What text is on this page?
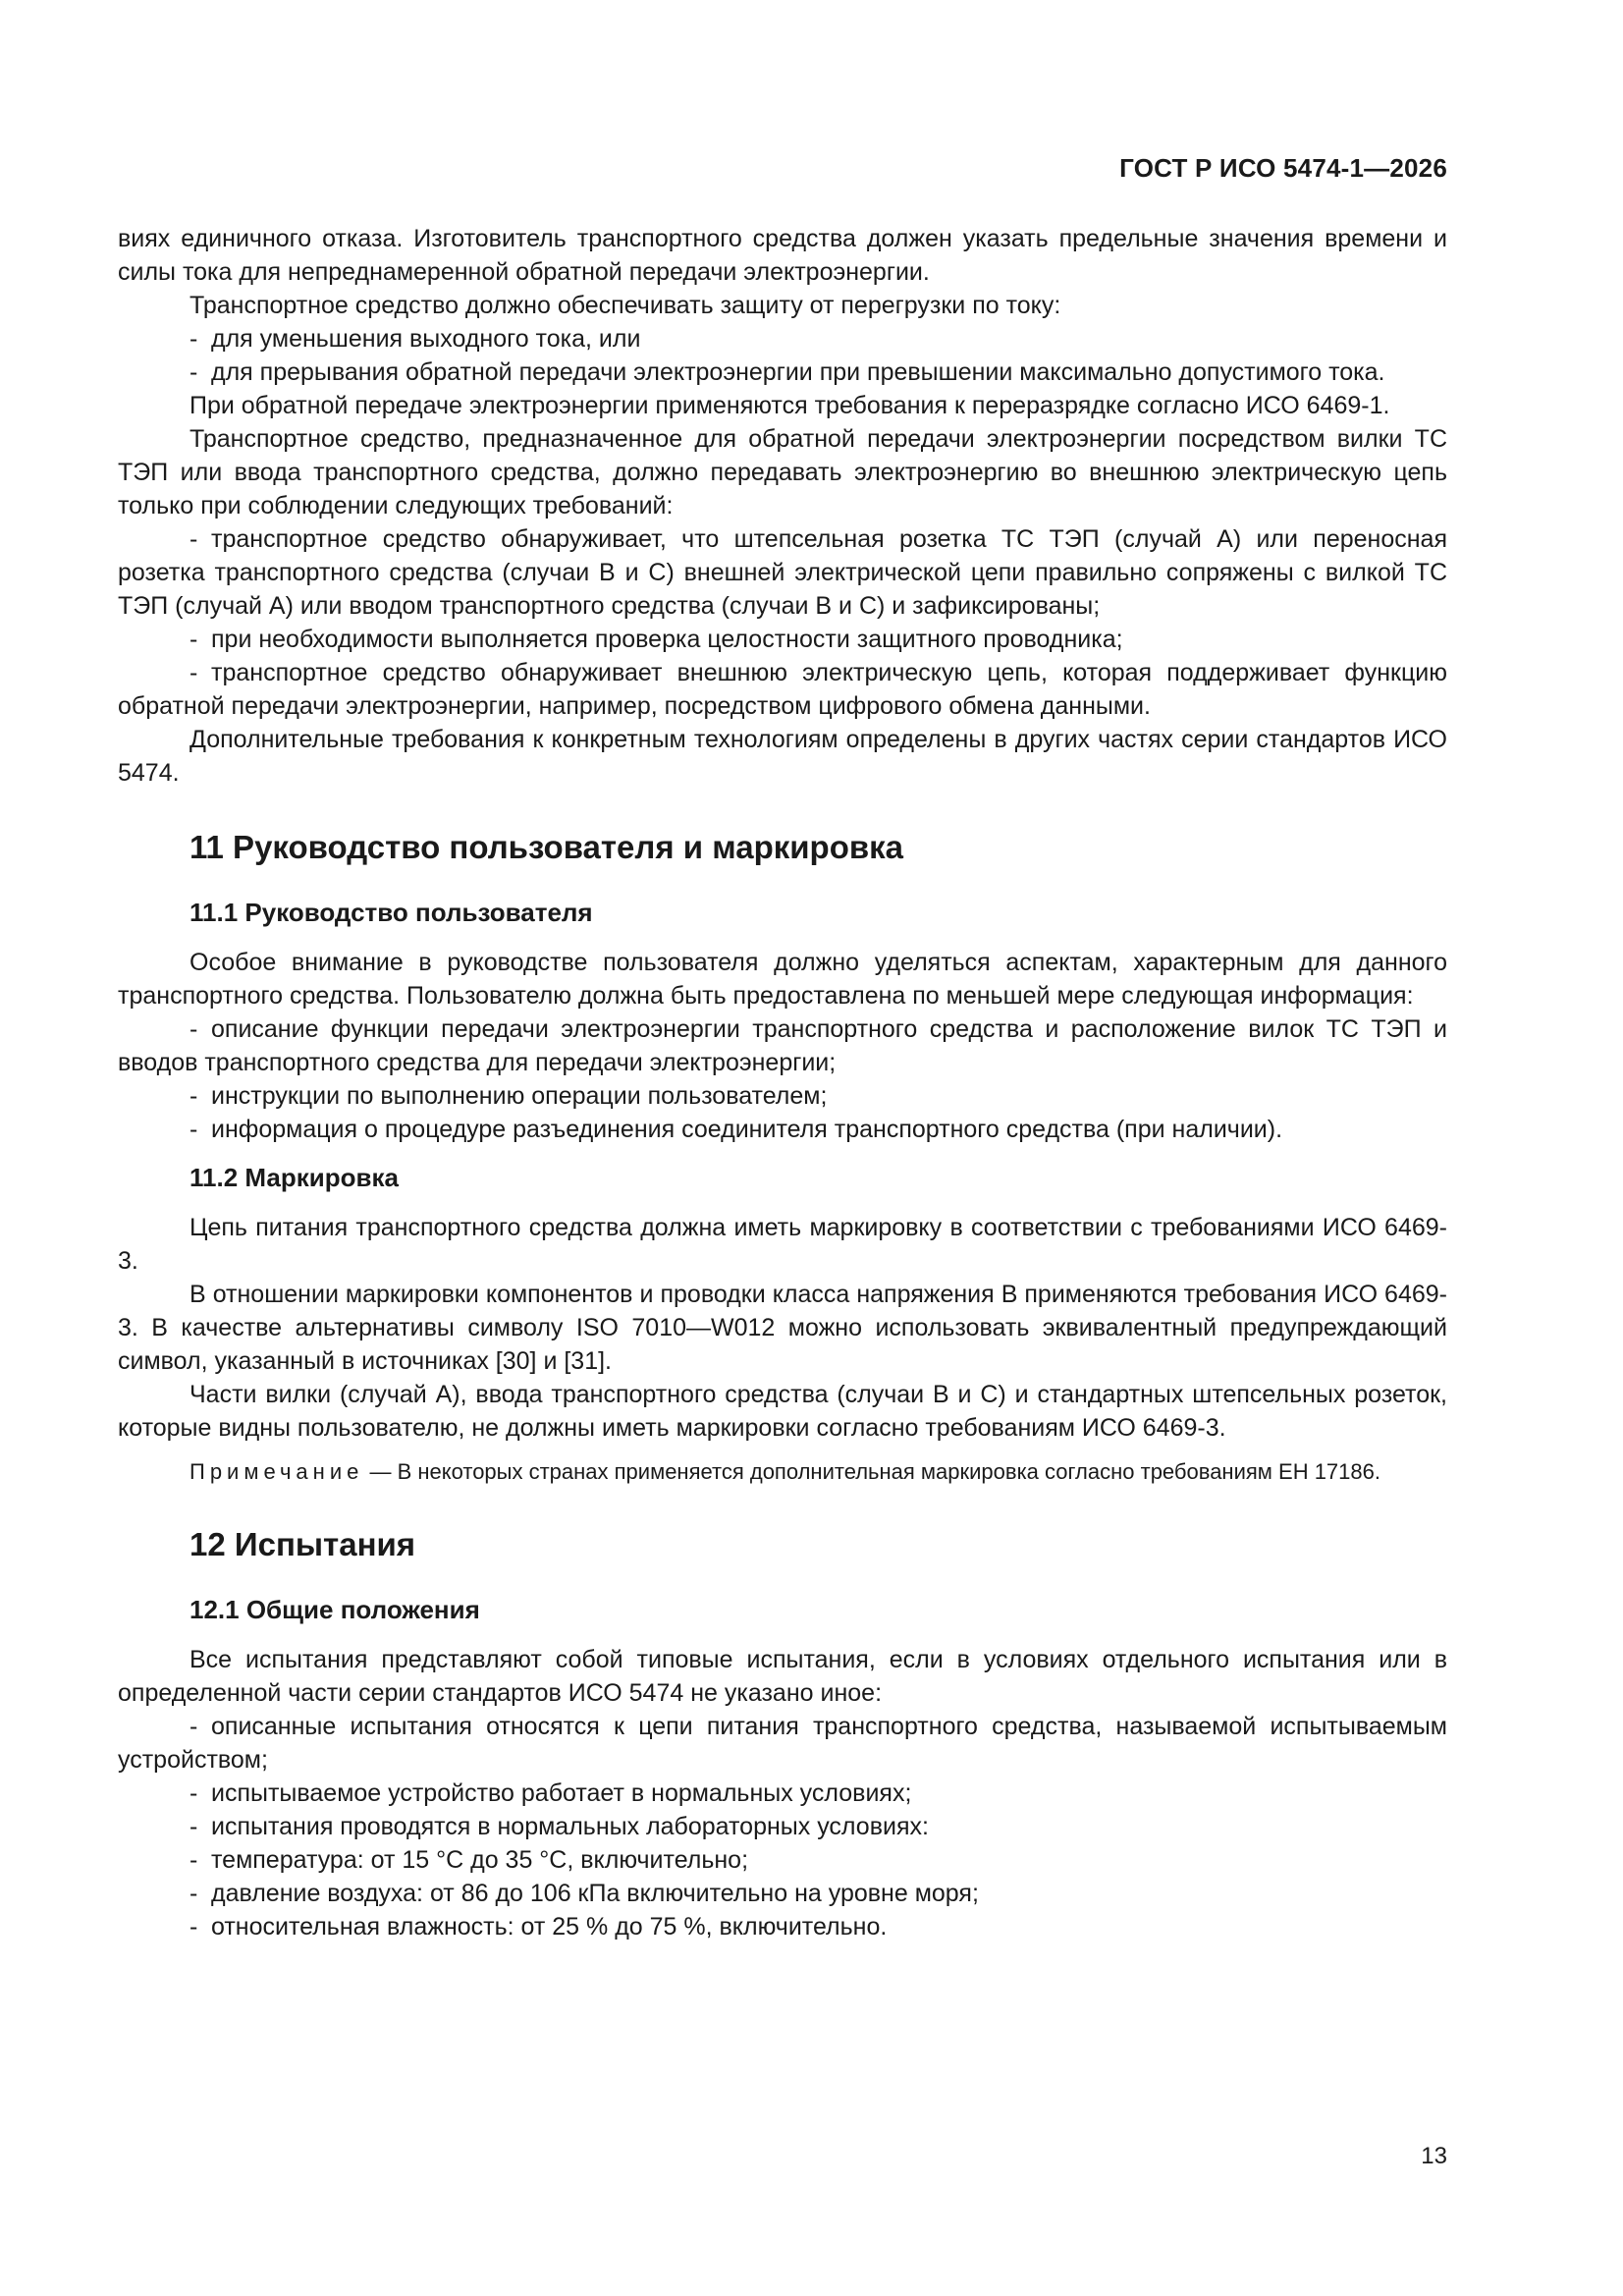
ГОСТ Р ИСО 5474-1—2026

виях единичного отказа. Изготовитель транспортного средства должен указать предельные значения времени и силы тока для непреднамеренной обратной передачи электроэнергии.

Транспортное средство должно обеспечивать защиту от перегрузки по току:

- для уменьшения выходного тока, или

- для прерывания обратной передачи электроэнергии при превышении максимально допустимого тока.

При обратной передаче электроэнергии применяются требования к переразрядке согласно ИСО 6469-1.

Транспортное средство, предназначенное для обратной передачи электроэнергии посредством вилки ТС ТЭП или ввода транспортного средства, должно передавать электроэнергию во внешнюю электрическую цепь только при соблюдении следующих требований:

- транспортное средство обнаруживает, что штепсельная розетка ТС ТЭП (случай А) или переносная розетка транспортного средства (случаи В и С) внешней электрической цепи правильно сопряжены с вилкой ТС ТЭП (случай А) или вводом транспортного средства (случаи В и С) и зафиксированы;

- при необходимости выполняется проверка целостности защитного проводника;

- транспортное средство обнаруживает внешнюю электрическую цепь, которая поддерживает функцию обратной передачи электроэнергии, например, посредством цифрового обмена данными.

Дополнительные требования к конкретным технологиям определены в других частях серии стандартов ИСО 5474.

11 Руководство пользователя и маркировка
11.1 Руководство пользователя

Особое внимание в руководстве пользователя должно уделяться аспектам, характерным для данного транспортного средства. Пользователю должна быть предоставлена по меньшей мере следующая информация:

- описание функции передачи электроэнергии транспортного средства и расположение вилок ТС ТЭП и вводов транспортного средства для передачи электроэнергии;

- инструкции по выполнению операции пользователем;

- информация о процедуре разъединения соединителя транспортного средства (при наличии).

11.2 Маркировка

Цепь питания транспортного средства должна иметь маркировку в соответствии с требованиями ИСО 6469-3.

В отношении маркировки компонентов и проводки класса напряжения В применяются требования ИСО 6469-3. В качестве альтернативы символу ISO 7010—W012 можно использовать эквивалентный предупреждающий символ, указанный в источниках [30] и [31].

Части вилки (случай А), ввода транспортного средства (случаи В и С) и стандартных штепсельных розеток, которые видны пользователю, не должны иметь маркировки согласно требованиям ИСО 6469-3.

Примечание — В некоторых странах применяется дополнительная маркировка согласно требованиям ЕН 17186.

12 Испытания
12.1 Общие положения

Все испытания представляют собой типовые испытания, если в условиях отдельного испытания или в определенной части серии стандартов ИСО 5474 не указано иное:

- описанные испытания относятся к цепи питания транспортного средства, называемой испытываемым устройством;

- испытываемое устройство работает в нормальных условиях;

- испытания проводятся в нормальных лабораторных условиях:

- температура: от 15 °С до 35 °С, включительно;

- давление воздуха: от 86 до 106 кПа включительно на уровне моря;

- относительная влажность: от 25 % до 75 %, включительно.

13
